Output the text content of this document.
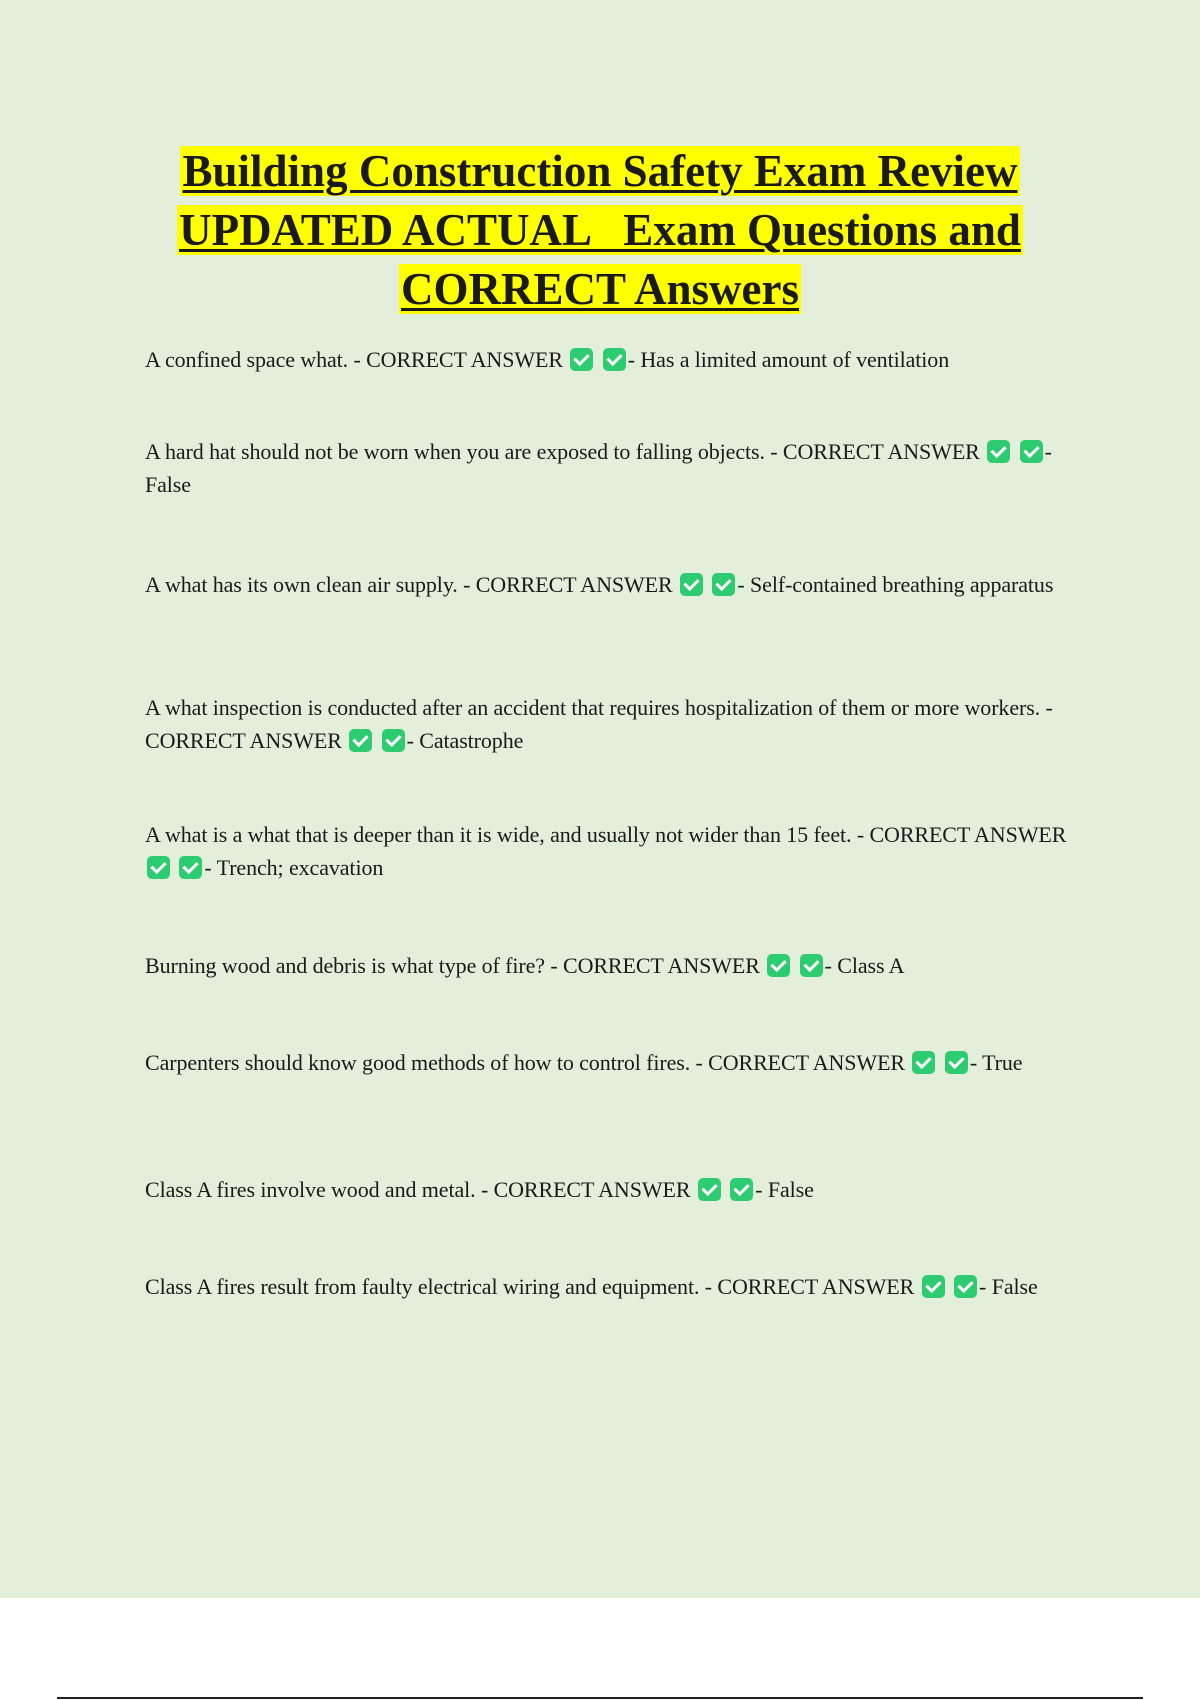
Building Construction Safety Exam Review
UPDATED ACTUAL   Exam Questions and
CORRECT Answers

A confined space what. - CORRECT ANSWER	- Has a limited amount of ventilation

A hard hat should not be worn when you are exposed to falling objects. - CORRECT ANSWER	- False

A what has its own clean air supply. - CORRECT ANSWER	- Self-contained breathing apparatus

A what inspection is conducted after an accident that requires hospitalization of them or more workers. - CORRECT ANSWER	- Catastrophe

A what is a what that is deeper than it is wide, and usually not wider than 15 feet. - CORRECT ANSWER  - Trench; excavation

Burning wood and debris is what type of fire? - CORRECT ANSWER	- Class A

Carpenters should know good methods of how to control fires. - CORRECT ANSWER	- True

Class A fires involve wood and metal. - CORRECT ANSWER	- False

Class A fires result from faulty electrical wiring and equipment. - CORRECT ANSWER	- False
